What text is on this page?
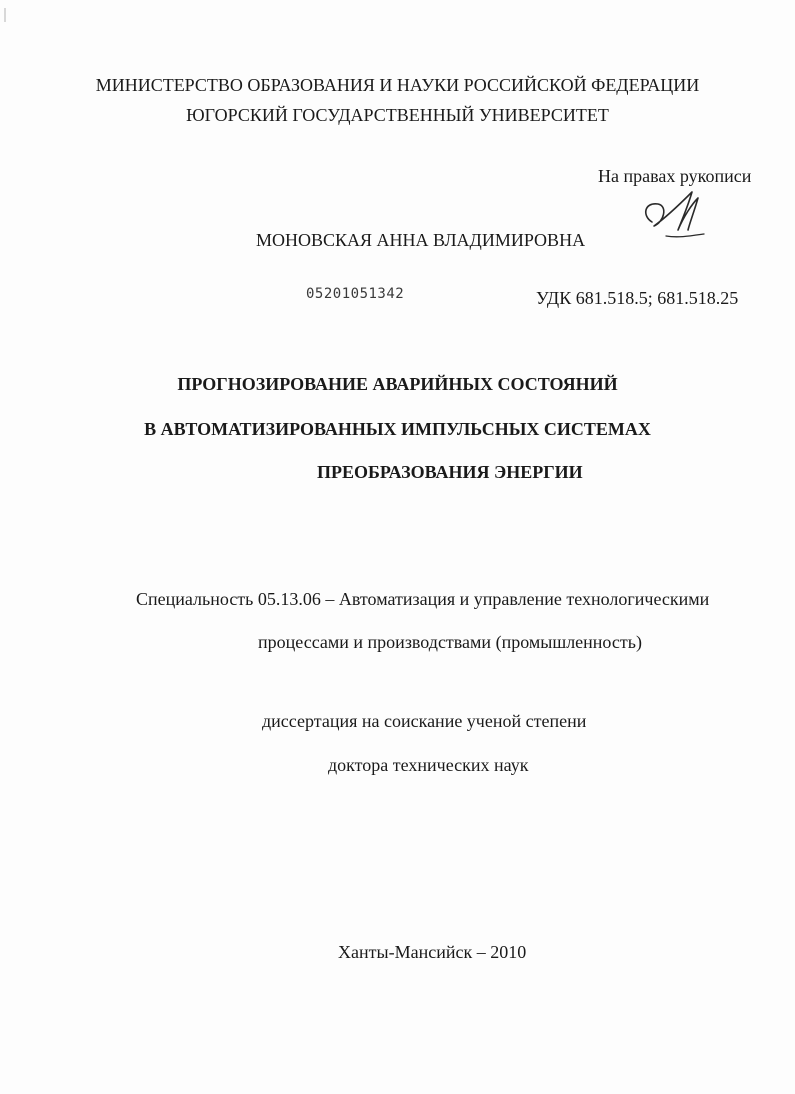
МИНИСТЕРСТВО ОБРАЗОВАНИЯ И НАУКИ РОССИЙСКОЙ ФЕДЕРАЦИИ
ЮГОРСКИЙ ГОСУДАРСТВЕННЫЙ УНИВЕРСИТЕТ
На правах рукописи
МОНОВСКАЯ АННА ВЛАДИМИРОВНА
05201051342	УДК 681.518.5; 681.518.25
ПРОГНОЗИРОВАНИЕ АВАРИЙНЫХ СОСТОЯНИЙ
В АВТОМАТИЗИРОВАННЫХ ИМПУЛЬСНЫХ СИСТЕМАХ
ПРЕОБРАЗОВАНИЯ ЭНЕРГИИ
Специальность 05.13.06 – Автоматизация и управление технологическими
процессами и производствами (промышленность)
диссертация на соискание ученой степени
доктора технических наук
Ханты-Мансийск – 2010
